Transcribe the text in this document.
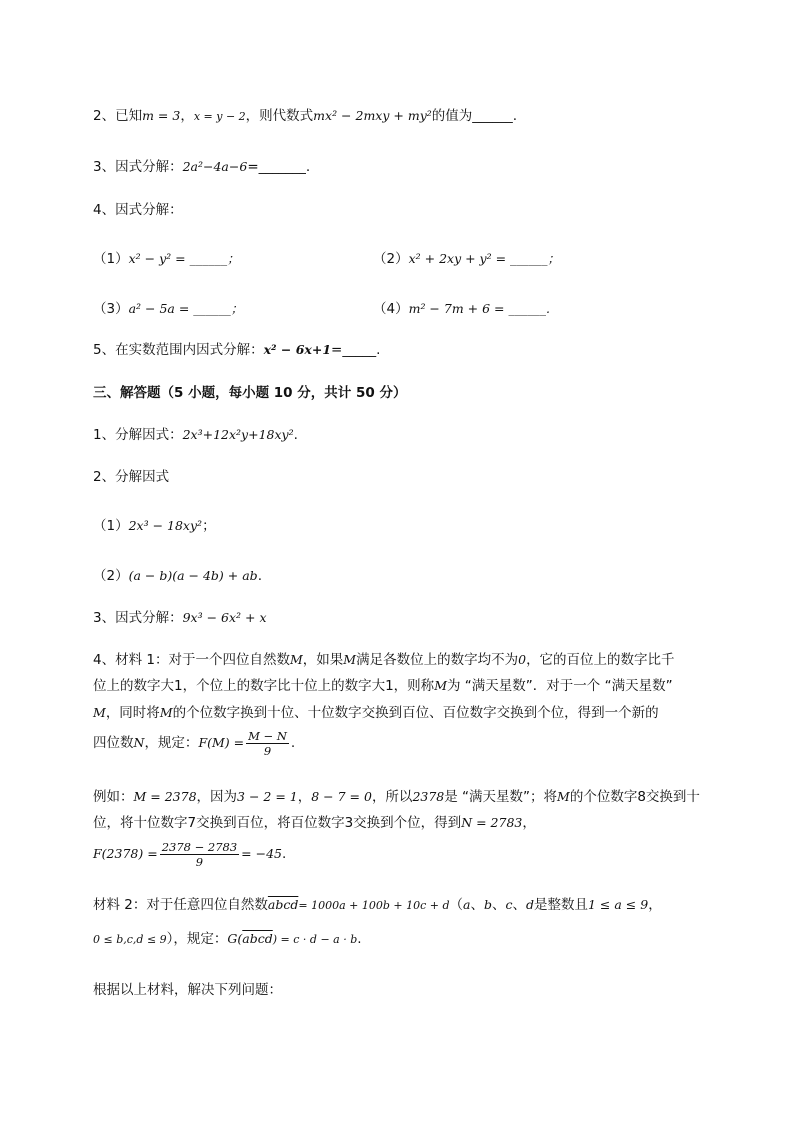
2、已知m = 3，x = y − 2，则代数式mx² − 2mxy + my²的值为______.
3、因式分解：2a²−4a−6=_______.
4、因式分解：
（1）x² − y² = ______；	（2）x² + 2xy + y² = ______；
（3）a² − 5a = ______；	（4）m² − 7m + 6 = ______.
5、在实数范围内因式分解：x² − 6x+1=_____.
三、解答题（5 小题，每小题 10 分，共计 50 分）
1、分解因式：2x³+12x²y+18xy².
2、分解因式
（1）2x³ − 18xy²；
（2）(a − b)(a − 4b) + ab.
3、因式分解：9x³ − 6x² + x
4、材料 1：对于一个四位自然数M，如果M满足各数位上的数字均不为0，它的百位上的数字比千
位上的数字大1，个位上的数字比十位上的数字大1，则称M为 “满天星数”．对于一个 “满天星数”
M，同时将M的个位数字换到十位、十位数字交换到百位、百位数字交换到个位，得到一个新的
四位数N，规定：$F(M) = \frac{M - N}{9}$ .
例如：M = 2378，因为3 − 2 = 1，8 − 7 = 0，所以2378是 “满天星数”；将M的个位数字8交换到十
位，将十位数字7交换到百位，将百位数字3交换到个位，得到N = 2783，
$F(2378) = \frac{2378 - 2783}{9} = -45$.
材料 2：对于任意四位自然数abcd= 1000a + 100b + 10c + d（a、b、c、d是整数且1 ≤ a ≤ 9，
0 ≤ b,c,d ≤ 9），规定：G(abcd) = c · d − a · b.
根据以上材料，解决下列问题：
